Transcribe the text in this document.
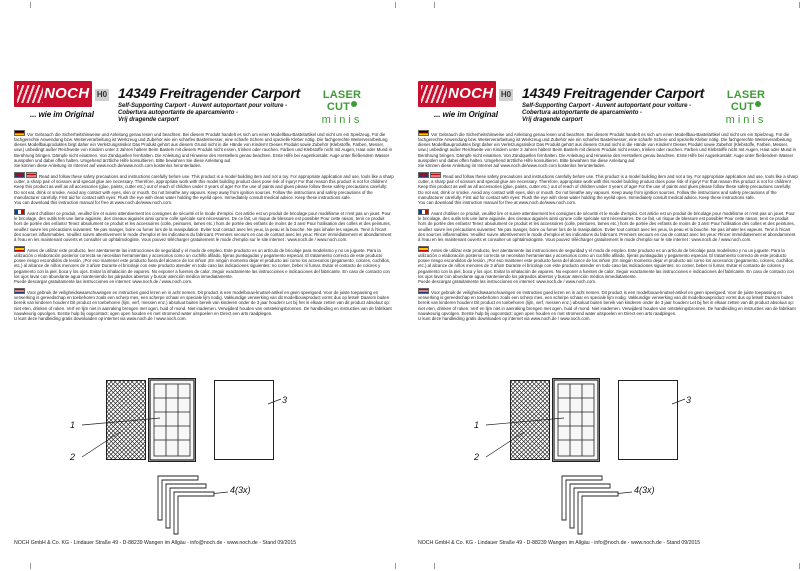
NOCH H0
... wie im Original
14349 Freitragender Carport
Self-Supporting Carport - Auvent autoportant pour voiture -
Cobertura autoportante de aparcamiento -
Vrij dragende carport
LASER CUT
minis

Vor Gebrauch die Sicherheitshinweise und Anleitung genau lesen und beachten. Bei diesem Produkt handelt es sich um einen Modellbau-Bastelartikel und nicht um ein Spielzeug. Für die fachgerechte Anwendung bzw. Weiterverarbeitung ist Werkzeug und Zubehör wie ein scharfes Bastelmesser, eine scharfe Schere und spezielle Kleber nötig. Die fachgerechte Weiterverarbeitung dieses Modellbauproduktes birgt daher ein Verletzungsrisiko! Das Produkt gehört aus diesem Grund nicht in die Hände von Kindern! Dieses Produkt sowie Zubehör (Klebstoffe, Farben, Messer, usw.) unbedingt außer Reichweite von Kindern unter 3 Jahren halten! Beim Basteln mit diesem Produkt nicht essen, trinken oder rauchen. Farben und Klebstoffe nicht mit Augen, Haut oder Mund in Berührung bringen. Dämpfe nicht einatmen. Von Zündquellen fernhalten. Die Anleitung und Hinweise des Herstellers genau beachten. Erste Hilfe bei Augenkontakt: Auge unter fließendem Wasser ausspülen und dabei offen halten. Umgehend ärztliche Hilfe konsultieren. Bitte bewahren Sie diese Anleitung auf.
Sie können diese Anleitung im Internet auf www.noch.de/www.noch.com kostenlos herunterladen.

Read and follow these safety precautions and instructions carefully before use. This product is a model building item and not a toy. For appropriate application and use, tools like a sharp cutter, a sharp pair of scissors and special glue are necessary. Therefore, appropriate work with this model building product does pose risk of injury! For that reason this product is not for children! Keep this product as well as all accessories (glue, paints, cutter etc.) out of reach of children under 3 years of age! For the use of paints and glues please follow these safety precautions carefully: Do not eat, drink or smoke. Avoid any contact with eyes, skin or mouth. Do not breathe any vapours. Keep away from ignition sources. Follow the instructions and safety precautions of the manufacturer carefully. First aid for contact with eyes: Flush the eye with clean water holding the eyelid open. Immediately consult medical advice. Keep these instructions safe.
You can download this instruction manual for free at www.noch.de/www.noch.com.

Avant d'utiliser ce produit, veuillez lire et suivre attentivement les consignes de sécurité et le mode d'emploi. Cet article est un produit de bricolage pour modélisme et n'est pas un jouet. Pour le bricolage, des outils tels une lame aiguisée, des ciseaux aiguisés ainsi qu'une colle spéciale sont nécessaires. De ce fait, un risque de blessure est possible! Pour cette raison, tenir ce produit hors de portée des enfants! Tenez absolument ce produit et les accessoires (colle, peintures, lames etc.) hors de portée des enfants de moins de 3 ans! Pour l'utilisation des colles et des peintures, veuillez suivre les précautions suivantes: Ne pas manger, boire ou fumer lors de la manipulation. Eviter tout contact avec les yeux, la peau et la bouche. Ne pas inhaler les vapeurs. Tenir à l'écart des sources inflammables. Veuillez suivre attentivement le mode d'emploi et les indications du fabricant. Premiers secours en cas de contact avec les yeux: Rincer immédiatement et abondamment à l'eau en les maintenant ouverts et consulter un ophtalmologiste. Vous pouvez télécharger gratuitement le mode d'emploi sur le site internet : www.noch.de / www.noch.com.

Antes de utilizar este producto, leer atentamente las instrucciones de seguridad y el modo de empleo. Este producto es un artículo de bricolaje para modelismo y no un juguete. Para la utilización o elaboración posterior correcta se necesitan herramientas y accesorios como un cuchillo afilado, tijeras puntiagudas y pegamento especial. El tratamiento correcto de este producto posee riesgo escondidos de lesión. ¡Por eso mantener este producto fuera del alcance de los niños! ¡En ningún momento dejar el producto así como los accesorios (pegamento, colores, cuchillos, etc.) al alcance de niños menores de 3 años! Durante el bricolaje con este producto atender en todo caso las indicaciones siguientes: no comer, beber ni fumar. Evitar el contacto de colores y pegamento con la piel, boca y los ojos. Evitar la inhalación de vapores. No exponer a fuentes de calor. Seguir exactamente las instrucciones e indicaciones del fabricante. En caso de contacto con los ojos lavar con abundante agua manteniendo los párpados abiertos y buscar atención médica inmediatamente.
Puede descargar gratuitamente las instrucciones en internet: www.noch.de / www.noch.com.

Voor gebruik de veiligheidswaarschuwingen en instructies goed lezen en in acht nemen. Dit product is een modelbouw-knutsel-artikel en geen speelgoed. Voor de juiste toepassing en verwerking is gereedschap en toebehoren zoals een scherp mes, een scherpe schaar en speciale lijm nodig. Vakkundige verwerking van dit modelbouwproduct vormt dus op letsel! Daarom buiten bereik van kinderen houden! Dit product en toebehoren (lijm, verf, messen enz.) absoluut buiten bereik van kinderen onder de 3 jaar houden! Let bij het in elkaar zetten van dit product absoluut op: niet eten, drinken of roken. Verf en lijm niet in aanraking brengen met ogen, huid of mond. Niet inademen. Verwijderd houden van ontstekingsbronnen. De handleiding en instructies van de fabrikant nauwkeurig opvolgen. Eerste hulp bij oogcontact: ogen open houden en met stromend water uitspoelen en Direct een arts raadplegen.
U kunt deze handleiding gratis downloaden op internet via www.noch.de / www.noch.com.

1
2
3
4(3x)
NOCH GmbH & Co. KG - Lindauer Straße 49 - D-88239 Wangen im Allgäu - info@noch.de - www.noch.de - Stand 09/2015
NOCH H0
... wie im Original
14349 Freitragender Carport
Self-Supporting Carport - Auvent autoportant pour voiture -
Cobertura autoportante de aparcamiento -
Vrij dragende carport
LASER CUT
minis

Vor Gebrauch die Sicherheitshinweise und Anleitung genau lesen und beachten. Bei diesem Produkt handelt es sich um einen Modellbau-Bastelartikel und nicht um ein Spielzeug. Für die fachgerechte Anwendung bzw. Weiterverarbeitung ist Werkzeug und Zubehör wie ein scharfes Bastelmesser, eine scharfe Schere und spezielle Kleber nötig. Die fachgerechte Weiterverarbeitung dieses Modellbauproduktes birgt daher ein Verletzungsrisiko! Das Produkt gehört aus diesem Grund nicht in die Hände von Kindern! Dieses Produkt sowie Zubehör (Klebstoffe, Farben, Messer, usw.) unbedingt außer Reichweite von Kindern unter 3 Jahren halten! Beim Basteln mit diesem Produkt nicht essen, trinken oder rauchen. Farben und Klebstoffe nicht mit Augen, Haut oder Mund in Berührung bringen. Dämpfe nicht einatmen. Von Zündquellen fernhalten. Die Anleitung und Hinweise des Herstellers genau beachten. Erste Hilfe bei Augenkontakt: Auge unter fließendem Wasser ausspülen und dabei offen halten. Umgehend ärztliche Hilfe konsultieren. Bitte bewahren Sie diese Anleitung auf.
Sie können diese Anleitung im Internet auf www.noch.de/www.noch.com kostenlos herunterladen.

Read and follow these safety precautions and instructions carefully before use. This product is a model building item and not a toy. For appropriate application and use, tools like a sharp cutter, a sharp pair of scissors and special glue are necessary. Therefore, appropriate work with this model building product does pose risk of injury! For that reason this product is not for children! Keep this product as well as all accessories (glue, paints, cutter etc.) out of reach of children under 3 years of age! For the use of paints and glues please follow these safety precautions carefully: Do not eat, drink or smoke. Avoid any contact with eyes, skin or mouth. Do not breathe any vapours. Keep away from ignition sources. Follow the instructions and safety precautions of the manufacturer carefully. First aid for contact with eyes: Flush the eye with clean water holding the eyelid open. Immediately consult medical advice. Keep these instructions safe.
You can download this instruction manual for free at www.noch.de/www.noch.com.

Avant d'utiliser ce produit, veuillez lire et suivre attentivement les consignes de sécurité et le mode d'emploi. Cet article est un produit de bricolage pour modélisme et n'est pas un jouet. Pour le bricolage, des outils tels une lame aiguisée, des ciseaux aiguisés ainsi qu'une colle spéciale sont nécessaires. De ce fait, un risque de blessure est possible! Pour cette raison, tenir ce produit hors de portée des enfants! Tenez absolument ce produit et les accessoires (colle, peintures, lames etc.) hors de portée des enfants de moins de 3 ans! Pour l'utilisation des colles et des peintures, veuillez suivre les précautions suivantes: Ne pas manger, boire ou fumer lors de la manipulation. Eviter tout contact avec les yeux, la peau et la bouche. Ne pas inhaler les vapeurs. Tenir à l'écart des sources inflammables. Veuillez suivre attentivement le mode d'emploi et les indications du fabricant. Premiers secours en cas de contact avec les yeux: Rincer immédiatement et abondamment à l'eau en les maintenant ouverts et consulter un ophtalmologiste. Vous pouvez télécharger gratuitement le mode d'emploi sur le site internet : www.noch.de / www.noch.com.

Antes de utilizar este producto, leer atentamente las instrucciones de seguridad y el modo de empleo. Este producto es un artículo de bricolaje para modelismo y no un juguete. Para la utilización o elaboración posterior correcta se necesitan herramientas y accesorios como un cuchillo afilado, tijeras puntiagudas y pegamento especial. El tratamiento correcto de este producto posee riesgo escondidos de lesión. ¡Por eso mantener este producto fuera del alcance de los niños! ¡En ningún momento dejar el producto así como los accesorios (pegamento, colores, cuchillos, etc.) al alcance de niños menores de 3 años! Durante el bricolaje con este producto atender en todo caso las indicaciones siguientes: no comer, beber ni fumar. Evitar el contacto de colores y pegamento con la piel, boca y los ojos. Evitar la inhalación de vapores. No exponer a fuentes de calor. Seguir exactamente las instrucciones e indicaciones del fabricante. En caso de contacto con los ojos lavar con abundante agua manteniendo los párpados abiertos y buscar atención médica inmediatamente.
Puede descargar gratuitamente las instrucciones en internet: www.noch.de / www.noch.com.

Voor gebruik de veiligheidswaarschuwingen en instructies goed lezen en in acht nemen. Dit product is een modelbouw-knutsel-artikel en geen speelgoed. Voor de juiste toepassing en verwerking is gereedschap en toebehoren zoals een scherp mes, een scherpe schaar en speciale lijm nodig. Vakkundige verwerking van dit modelbouwproduct vormt dus op letsel! Daarom buiten bereik van kinderen houden! Dit product en toebehoren (lijm, verf, messen enz.) absoluut buiten bereik van kinderen onder de 3 jaar houden! Let bij het in elkaar zetten van dit product absoluut op: niet eten, drinken of roken. Verf en lijm niet in aanraking brengen met ogen, huid of mond. Niet inademen. Verwijderd houden van ontstekingsbronnen. De handleiding en instructies van de fabrikant nauwkeurig opvolgen. Eerste hulp bij oogcontact: ogen open houden en met stromend water uitspoelen en Direct een arts raadplegen.
U kunt deze handleiding gratis downloaden op internet via www.noch.de / www.noch.com.

1
2
3
4(3x)
NOCH GmbH & Co. KG - Lindauer Straße 49 - D-88239 Wangen im Allgäu - info@noch.de - www.noch.de - Stand 09/2015
